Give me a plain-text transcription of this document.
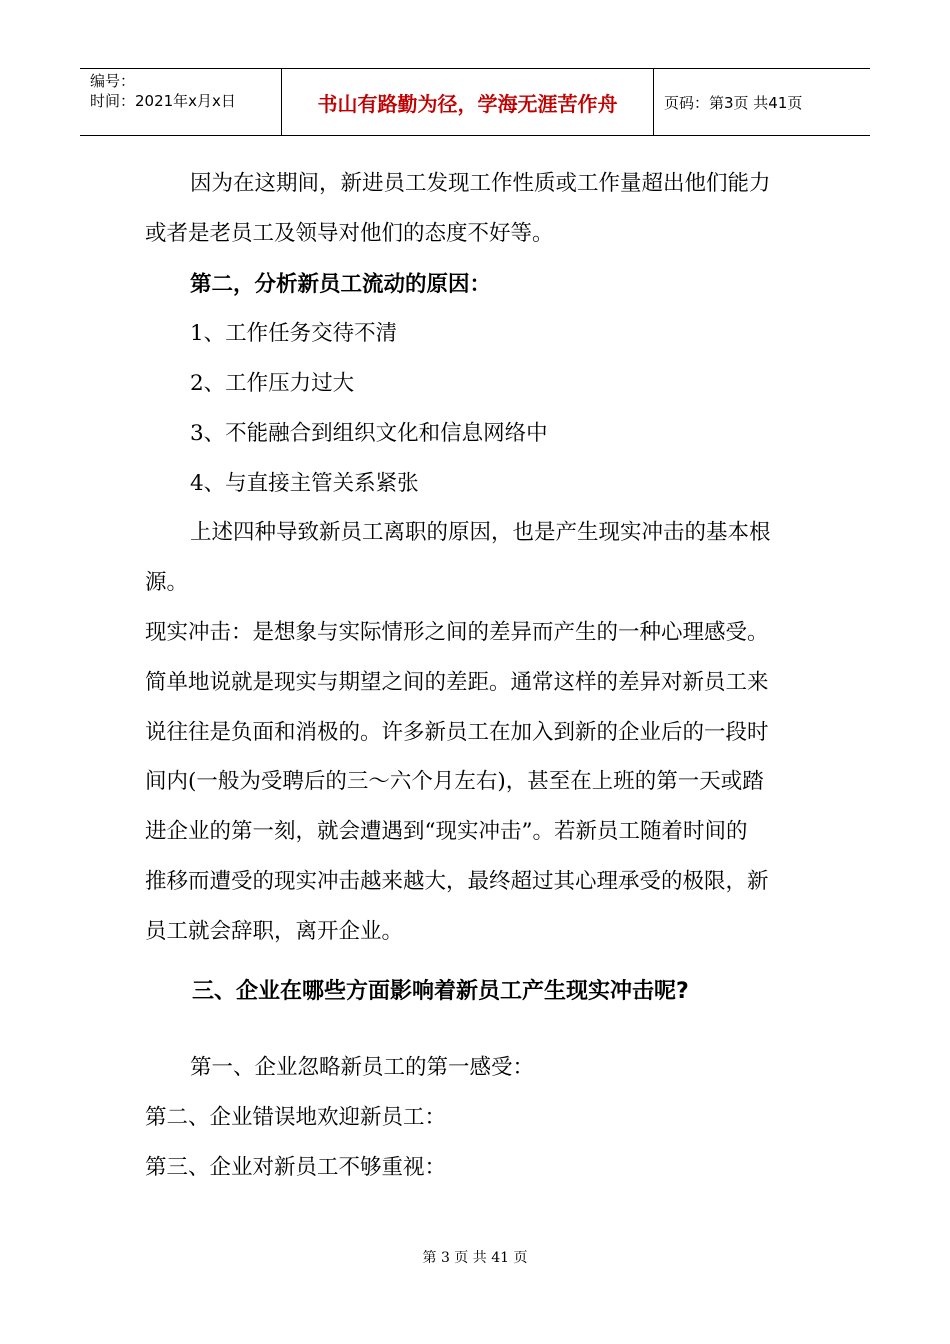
编号：
时间：2021年x月x日	书山有路勤为径，学海无涯苦作舟	页码：第3页 共41页
因为在这期间，新进员工发现工作性质或工作量超出他们能力
或者是老员工及领导对他们的态度不好等。
第二，分析新员工流动的原因：
1、工作任务交待不清
2、工作压力过大
3、不能融合到组织文化和信息网络中
4、与直接主管关系紧张
上述四种导致新员工离职的原因，也是产生现实冲击的基本根
源。
现实冲击：是想象与实际情形之间的差异而产生的一种心理感受。
简单地说就是现实与期望之间的差距。通常这样的差异对新员工来
说往往是负面和消极的。许多新员工在加入到新的企业后的一段时
间内(一般为受聘后的三～六个月左右)，甚至在上班的第一天或踏
进企业的第一刻，就会遭遇到“现实冲击”。若新员工随着时间的
推移而遭受的现实冲击越来越大，最终超过其心理承受的极限，新
员工就会辞职，离开企业。
三、企业在哪些方面影响着新员工产生现实冲击呢?
第一、企业忽略新员工的第一感受：
第二、企业错误地欢迎新员工：
第三、企业对新员工不够重视：
第 3 页 共 41 页
